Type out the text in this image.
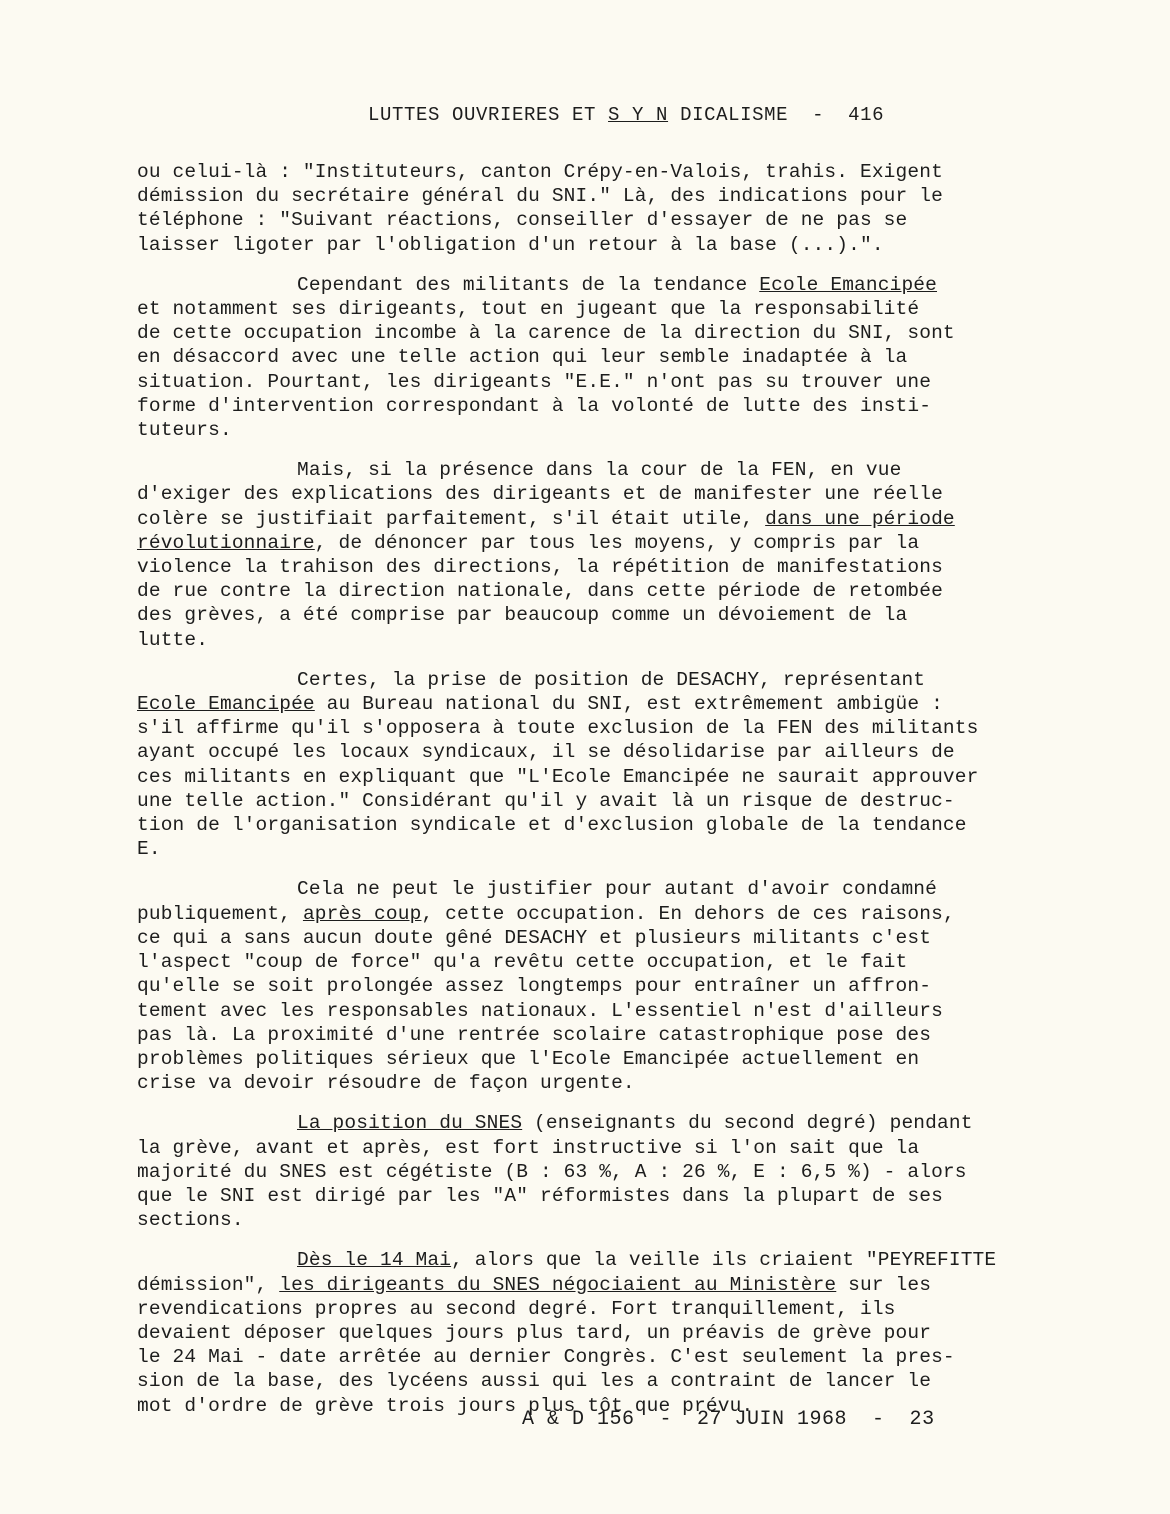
LUTTES OUVRIERES ET S Y N DICALISME  -  416
ou celui-là : "Instituteurs, canton Crépy-en-Valois, trahis. Exigent
démission du secrétaire général du SNI." Là, des indications pour le
téléphone : "Suivant réactions, conseiller d'essayer de ne pas se
laisser ligoter par l'obligation d'un retour à la base (...).".
Cependant des militants de la tendance Ecole Emancipée
et notamment ses dirigeants, tout en jugeant que la responsabilité
de cette occupation incombe à la carence de la direction du SNI, sont
en désaccord avec une telle action qui leur semble inadaptée à la
situation. Pourtant, les dirigeants "E.E." n'ont pas su trouver une
forme d'intervention correspondant à la volonté de lutte des insti-
tuteurs.
Mais, si la présence dans la cour de la FEN, en vue
d'exiger des explications des dirigeants et de manifester une réelle
colère se justifiait parfaitement, s'il était utile, dans une période
révolutionnaire, de dénoncer par tous les moyens, y compris par la
violence la trahison des directions, la répétition de manifestations
de rue contre la direction nationale, dans cette période de retombée
des grèves, a été comprise par beaucoup comme un dévoiement de la
lutte.
Certes, la prise de position de DESACHY, représentant
Ecole Emancipée au Bureau national du SNI, est extrêmement ambigüe :
s'il affirme qu'il s'opposera à toute exclusion de la FEN des militants
ayant occupé les locaux syndicaux, il se désolidarise par ailleurs de
ces militants en expliquant que "L'Ecole Emancipée ne saurait approuver
une telle action." Considérant qu'il y avait là un risque de destruc-
tion de l'organisation syndicale et d'exclusion globale de la tendance
E.
Cela ne peut le justifier pour autant d'avoir condamné
publiquement, après coup, cette occupation. En dehors de ces raisons,
ce qui a sans aucun doute gêné DESACHY et plusieurs militants c'est
l'aspect "coup de force" qu'a revêtu cette occupation, et le fait
qu'elle se soit prolongée assez longtemps pour entraîner un affron-
tement avec les responsables nationaux. L'essentiel n'est d'ailleurs
pas là. La proximité d'une rentrée scolaire catastrophique pose des
problèmes politiques sérieux que l'Ecole Emancipée actuellement en
crise va devoir résoudre de façon urgente.
La position du SNES (enseignants du second degré) pendant
la grève, avant et après, est fort instructive si l'on sait que la
majorité du SNES est cégétiste (B : 63 %, A : 26 %, E : 6,5 %) - alors
que le SNI est dirigé par les "A" réformistes dans la plupart de ses
sections.
Dès le 14 Mai, alors que la veille ils criaient "PEYREFITTE
démission", les dirigeants du SNES négociaient au Ministère sur les
revendications propres au second degré. Fort tranquillement, ils
devaient déposer quelques jours plus tard, un préavis de grève pour
le 24 Mai - date arrêtée au dernier Congrès. C'est seulement la pres-
sion de la base, des lycéens aussi qui les a contraint de lancer le
mot d'ordre de grève trois jours plus tôt que prévu.
A & D 156  -  27 JUIN 1968  -  23
